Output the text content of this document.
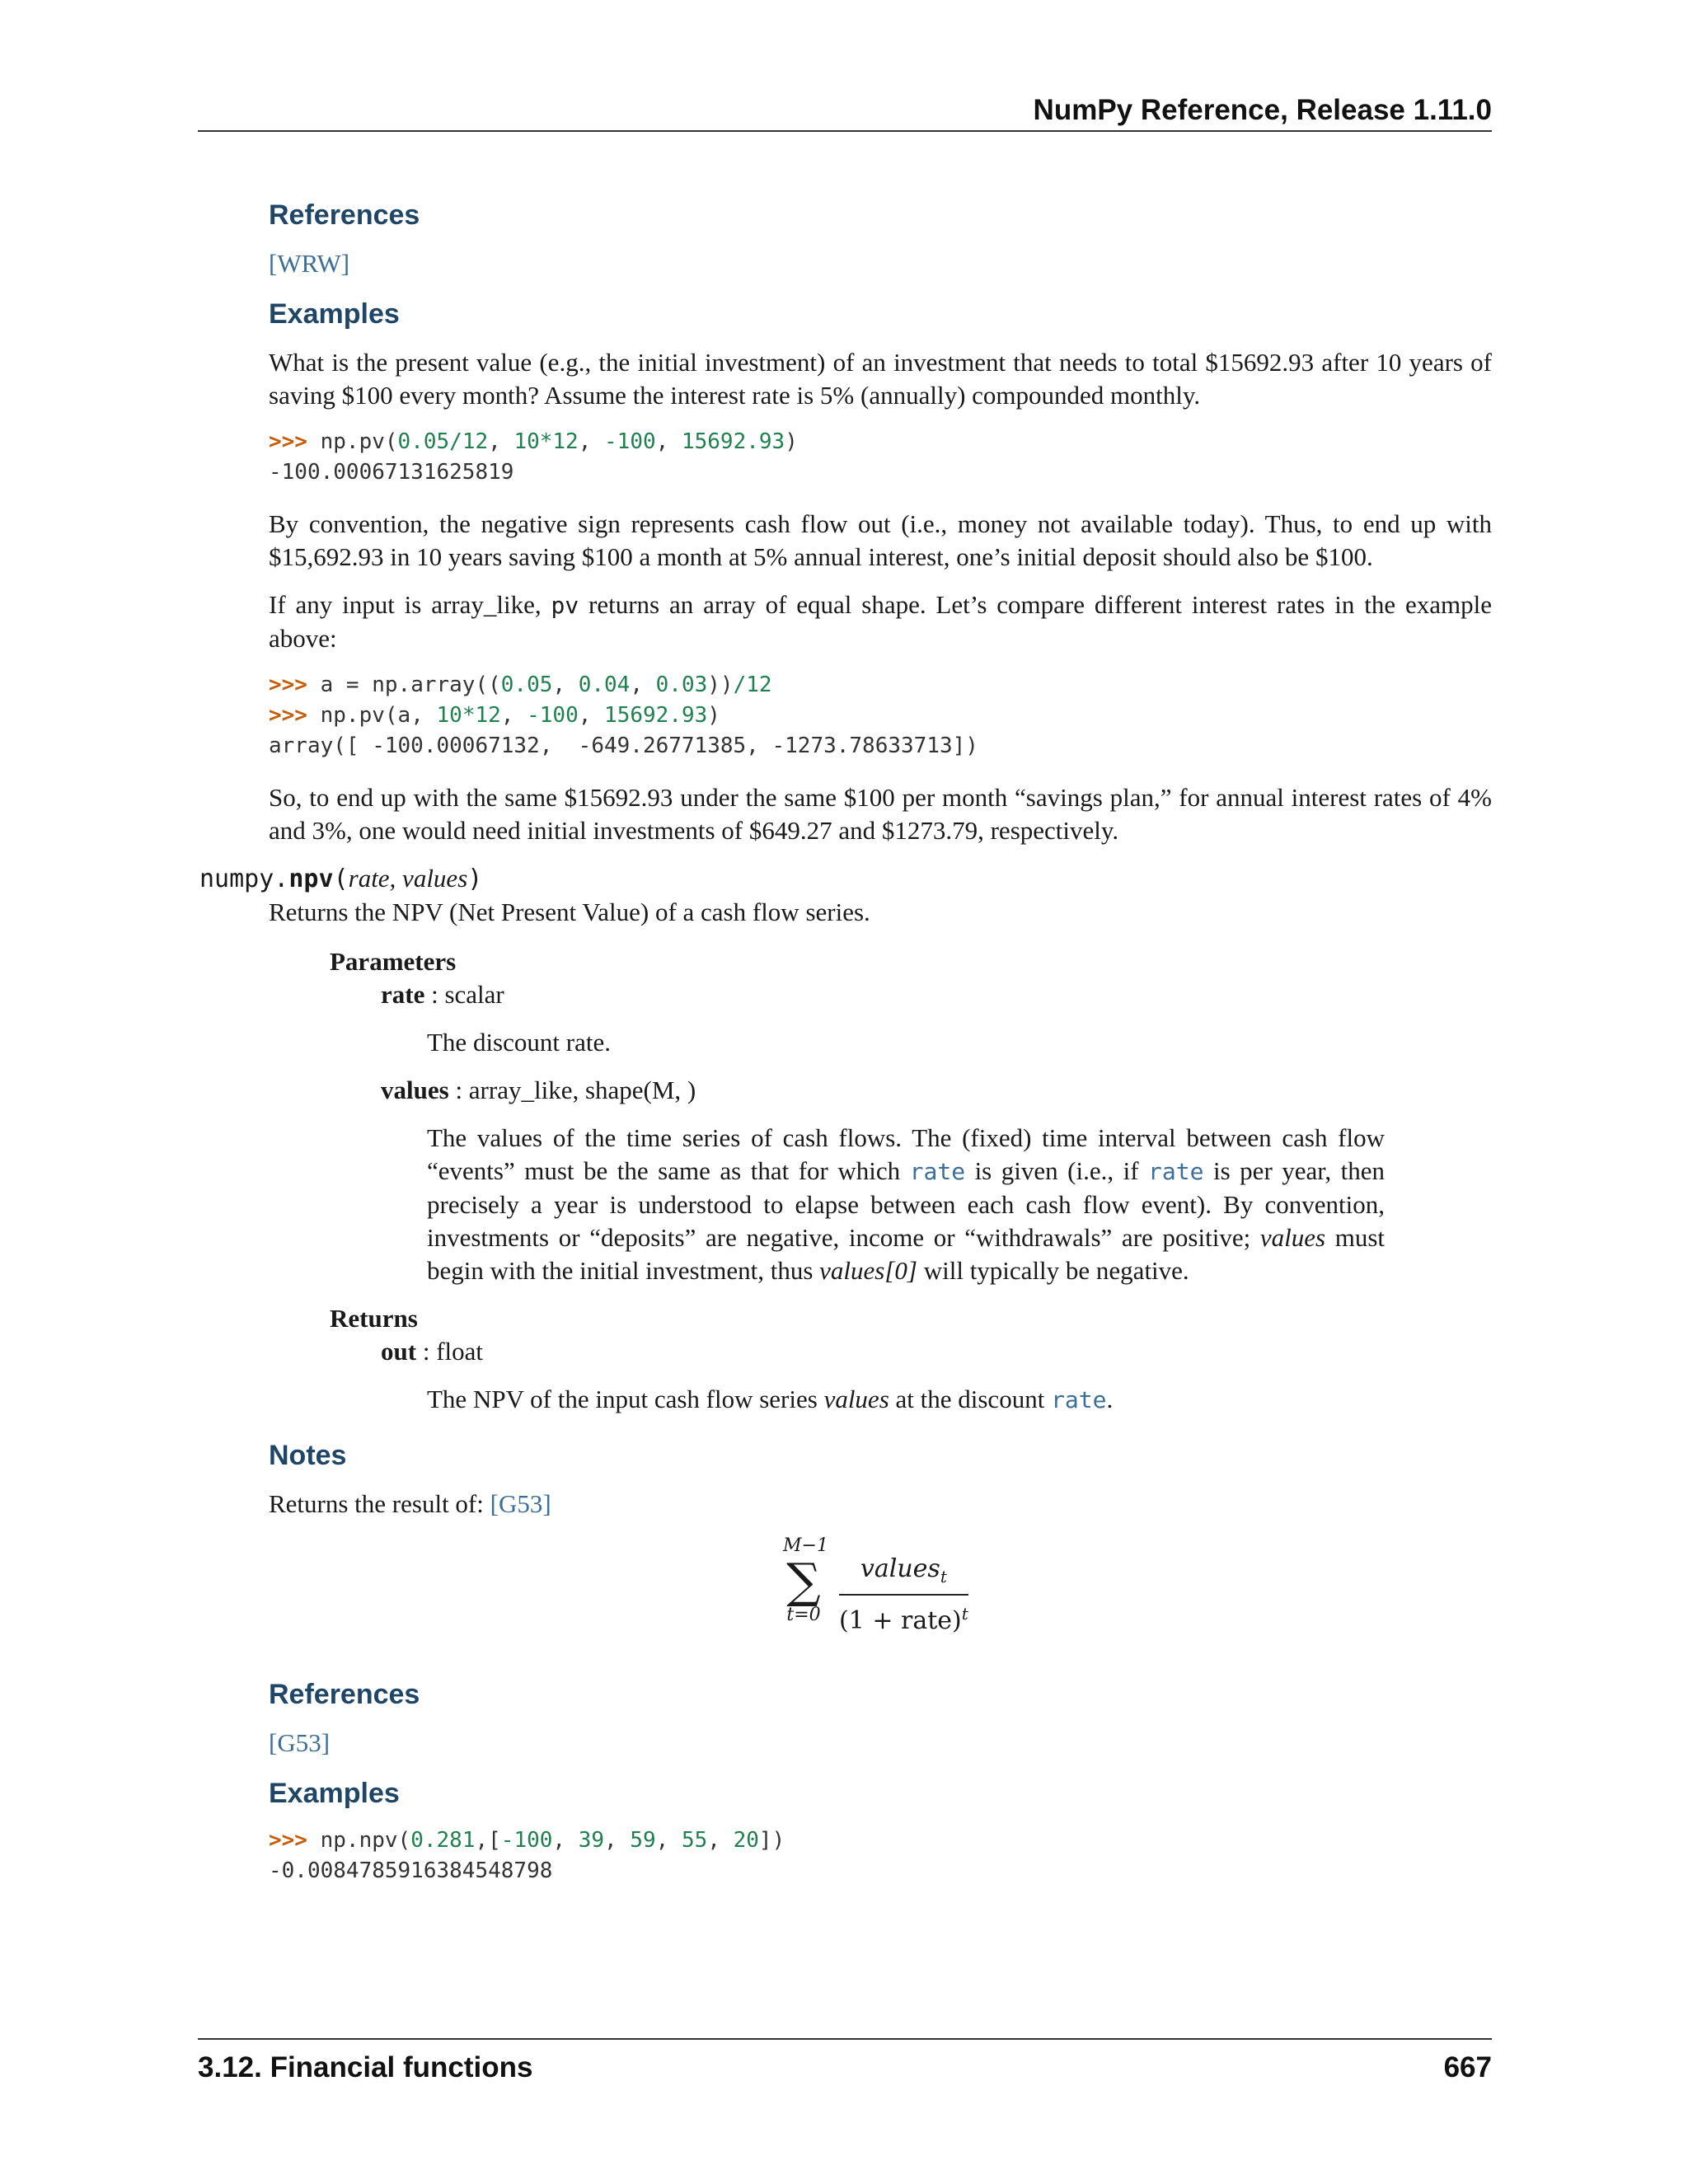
NumPy Reference, Release 1.11.0
References

[WRW]

Examples

What is the present value (e.g., the initial investment) of an investment that needs to total $15692.93 after 10 years of saving $100 every month? Assume the interest rate is 5% (annually) compounded monthly.

>>> np.pv(0.05/12, 10*12, -100, 15692.93)
-100.00067131625819

By convention, the negative sign represents cash flow out (i.e., money not available today). Thus, to end up with $15,692.93 in 10 years saving $100 a month at 5% annual interest, one’s initial deposit should also be $100.

If any input is array_like, pv returns an array of equal shape. Let’s compare different interest rates in the example above:

>>> a = np.array((0.05, 0.04, 0.03))/12
>>> np.pv(a, 10*12, -100, 15692.93)
array([ -100.00067132,  -649.26771385, -1273.78633713])

So, to end up with the same $15692.93 under the same $100 per month “savings plan,” for annual interest rates of 4% and 3%, one would need initial investments of $649.27 and $1273.79, respectively.

numpy.npv(rate, values)

Returns the NPV (Net Present Value) of a cash flow series.

Parameters
rate : scalar
The discount rate.
values : array_like, shape(M, )
The values of the time series of cash flows. The (fixed) time interval between cash flow “events” must be the same as that for which rate is given (i.e., if rate is per year, then precisely a year is understood to elapse between each cash flow event). By convention, investments or “deposits” are negative, income or “withdrawals” are positive; values must begin with the initial investment, thus values[0] will typically be negative.
Returns
out : float
The NPV of the input cash flow series values at the discount rate.
Notes

Returns the result of: [G53]

M−1
∑
t=0
values$_t$
(1 + rate)$^t$
References

[G53]

Examples
>>> np.npv(0.281,[-100, 39, 59, 55, 20])
-0.0084785916384548798
3.12. Financial functions	667
